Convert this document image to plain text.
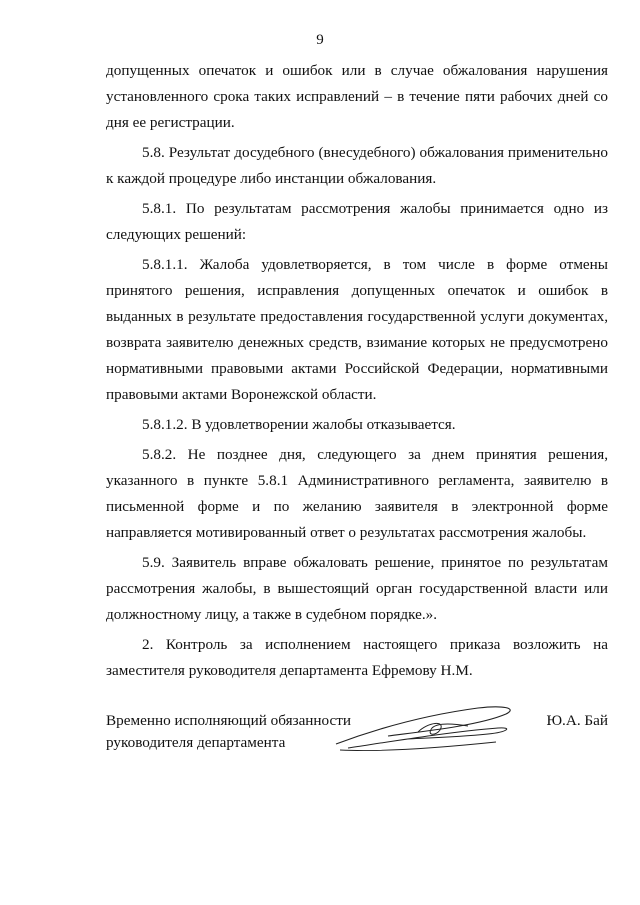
9

допущенных опечаток и ошибок или в случае обжалования нарушения установленного срока таких исправлений – в течение пяти рабочих дней со дня ее регистрации.

5.8. Результат досудебного (внесудебного) обжалования применительно к каждой процедуре либо инстанции обжалования.

5.8.1. По результатам рассмотрения жалобы принимается одно из следующих решений:

5.8.1.1. Жалоба удовлетворяется, в том числе в форме отмены принятого решения, исправления допущенных опечаток и ошибок в выданных в результате предоставления государственной услуги документах, возврата заявителю денежных средств, взимание которых не предусмотрено нормативными правовыми актами Российской Федерации, нормативными правовыми актами Воронежской области.

5.8.1.2. В удовлетворении жалобы отказывается.

5.8.2. Не позднее дня, следующего за днем принятия решения, указанного в пункте 5.8.1 Административного регламента, заявителю в письменной форме и по желанию заявителя в электронной форме направляется мотивированный ответ о результатах рассмотрения жалобы.

5.9. Заявитель вправе обжаловать решение, принятое по результатам рассмотрения жалобы, в вышестоящий орган государственной власти или должностному лицу, а также в судебном порядке.».

2. Контроль за исполнением настоящего приказа возложить на заместителя руководителя департамента Ефремову Н.М.

Временно исполняющий обязанности
руководителя департамента
Ю.А. Бай
